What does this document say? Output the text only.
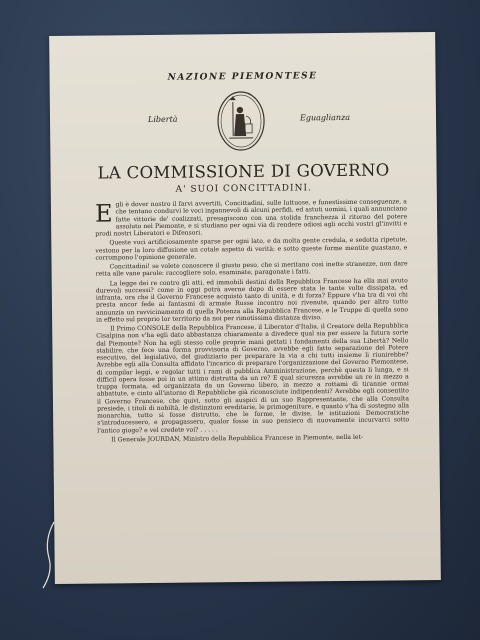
NAZIONE PIEMONTESE
Libertà	Eguaglianza
LA COMMISSIONE DI GOVERNO
A' SUOI CONCITTADINI.

Egli è dover nostro il farvi avvertiti, Concittadini, sulle luttuose, e funestissime conseguenze, a che tentano condurvi le voci ingannevoli di alcuni perfidi, ed astuti uomini, i quali annunciano fatte vittorie de' coalizzati, presagiscono con una stolida franchezza il ritorno del potere assoluto nel Piemonte, e si studiano per ogni via di rendere odiosi agli occhi vostri gl'invitti e prodi nostri Liberatori e Difensori.

Queste voci artificiosamente sparse per ogni lato, e da molta gente credula, e sedotta ripetute, vestono per la loro diffusione un cotale aspetto di verità: e sotto queste forme mentite guastano, e corrompono l'opinione generale.

Concittadini! se volete conoscere il giusto peso, che si meritano così inette stranezze, non dare retta alle vane parole: raccogliere solo, esaminate, paragonate i fatti.

La legge dei re contro gli atti, ed immobili destini della Repubblica Francese ha ella mai avuto durevoli successi? come in oggi potrà averne dopo di essere stata le tante volte dissipata, ed infranta, ora che il Governo Francese acquistò tanto di unità, e di forza? Eppure v'ha tra di voi chi presta ancor fede ai fantasmi di armate Russe incontro noi rivenute, quando per altro tutto annunzia un ravvicinamento di quella Potenza alla Repubblica Francese, e le Truppe di quella sono in effetto sul proprio lor territorio da noi per rimotissima distanza diviso.

Il Primo CONSOLE della Repubblica Francese, il Liberator d'Italia, il Creatore della Repubblica Cisalpina non v'ha egli dato abbastanza chiaramente a divedere qual sia per essere la futura sorte dal Piemonte? Non ha egli stesso colle proprie mani gettati i fondamenti della sua Libertà? Nello stabilire, che fece una forma provvisoria di Governo, avvebbe egli fatto separazione del Potere esecutivo, del legislativo, del giudiziario per preparare la via a chi tutti insieme li riunirebbe? Avrebbe egli alla Consulta affidato l'incarico di preparare l'organizzazione del Governo Piemontese, di compilar leggi, e regolar tutti i rami di pubblica Amministrazione, perchè questa li lunga, e si difficil opera fosse poi in un attimo distrutta da un re? E qual sicurezza avrebbe un re in mezzo a truppa formata, ed organizzata da un Governo libero, in mezzo a rottami di tirannie ormai abbattute, e cinto all'intorno di Repubbliche già riconosciute indipendenti? Avrebbe egli consentito il Governo Francese, che quivi, sotto gli auspici di un suo Rappresentante, che alla Consulta presiede, i titoli di nobiltà, le distinzioni ereditarie, le primogeniture, e quanto v'ha di sostegno alla monarchia, tutto si fosse distrutto, che le forme, le divise, le istituzioni Democratiche s'introducessero, e propagassero, qualor fosse in suo pensiero di nuovamente incurvarci sotto l'antico giogo? e vel credete voi? . . . . .

Il Generale JOURDAN, Ministro della Repubblica Francese in Piemonte, nella let-
